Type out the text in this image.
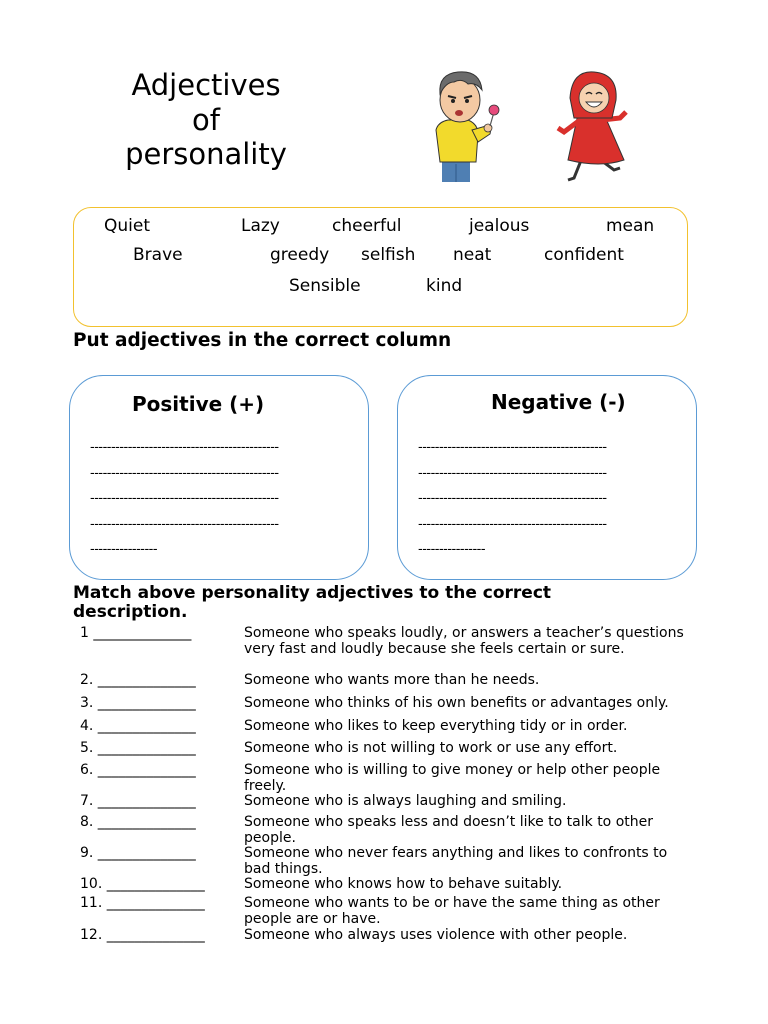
Adjectives
of
personality
Quiet	Lazy	cheerful	jealous	mean
Brave	greedy selfish neat	confident
Sensible	kind
Put adjectives in the correct column
Positive (+)
---------------------------------------------
---------------------------------------------
---------------------------------------------
---------------------------------------------
----------------
Negative (-)
---------------------------------------------
---------------------------------------------
---------------------------------------------
---------------------------------------------
----------------
Match above personality adjectives to the correct description.
1 ______________	Someone who speaks loudly, or answers a teacher’s questions very fast and loudly because she feels certain or sure.
2. ______________	Someone who wants more than he needs.
3. ______________	Someone who thinks of his own benefits or advantages only.
4. ______________	Someone who likes to keep everything tidy or in order.
5. ______________	Someone who is not willing to work or use any effort.
6. ______________	Someone who is willing to give money or help other people freely.
7. ______________	Someone who is always laughing and smiling.
8. ______________	Someone who speaks less and doesn’t like to talk to other people.
9. ______________	Someone who never fears anything and likes to confronts to bad things.
10. ______________	Someone who knows how to behave suitably.
11. ______________	Someone who wants to be or have the same thing as other people are or have.
12. ______________	Someone who always uses violence with other people.
